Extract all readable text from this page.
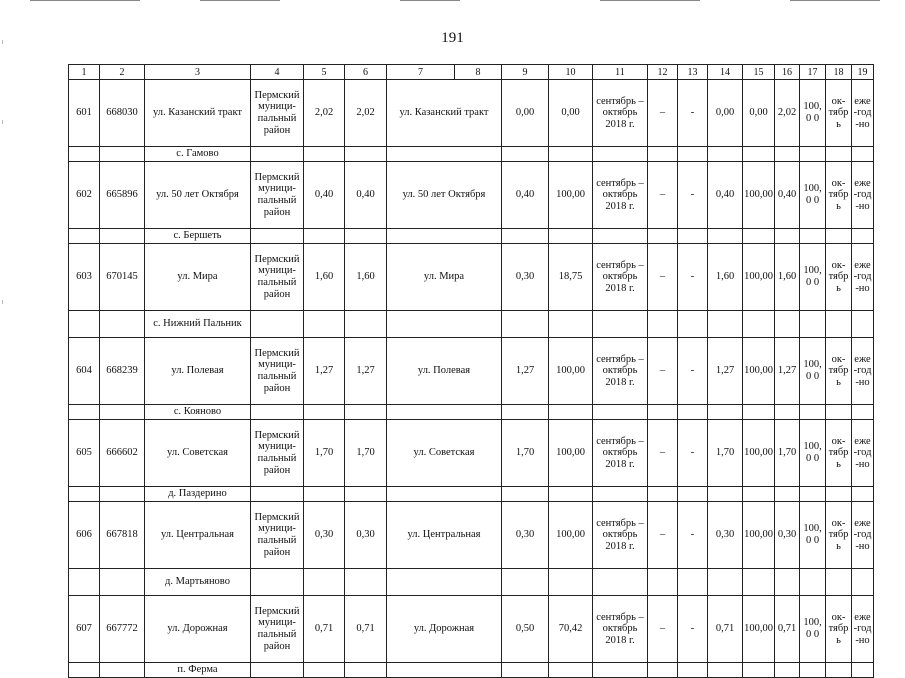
191
1	2	3	4	5	6	7	8	9	10	11	12	13	14	15	16	17	18	19
601	668030	ул. Казанский тракт	Пермский муници-пальный район	2,02	2,02	ул. Казанский тракт		0,00	0,00	сентябрь – октябрь 2018 г.	–	-	0,00	0,00	2,02	100,0 0	ок-тябрь	еже-год-но
		с. Гамово																
602	665896	ул. 50 лет Октября	Пермский муници-пальный район	0,40	0,40	ул. 50 лет Октября		0,40	100,00	сентябрь – октябрь 2018 г.	–	-	0,40	100,00	0,40	100,0 0	ок-тябрь	еже-год-но
		с. Бершеть																
603	670145	ул. Мира	Пермский муници-пальный район	1,60	1,60	ул. Мира		0,30	18,75	сентябрь – октябрь 2018 г.	–	-	1,60	100,00	1,60	100,0 0	ок-тябрь	еже-год-но
		с. Нижний Пальник																
604	668239	ул. Полевая	Пермский муници-пальный район	1,27	1,27	ул. Полевая		1,27	100,00	сентябрь – октябрь 2018 г.	–	-	1,27	100,00	1,27	100,0 0	ок-тябрь	еже-год-но
		с. Кояново																
605	666602	ул. Советская	Пермский муници-пальный район	1,70	1,70	ул. Советская		1,70	100,00	сентябрь – октябрь 2018 г.	–	-	1,70	100,00	1,70	100,0 0	ок-тябрь	еже-год-но
		д. Паздерино																
606	667818	ул. Центральная	Пермский муници-пальный район	0,30	0,30	ул. Центральная		0,30	100,00	сентябрь – октябрь 2018 г.	–	-	0,30	100,00	0,30	100,0 0	ок-тябрь	еже-год-но
		д. Мартьяново																
607	667772	ул. Дорожная	Пермский муници-пальный район	0,71	0,71	ул. Дорожная		0,50	70,42	сентябрь – октябрь 2018 г.	–	-	0,71	100,00	0,71	100,0 0	ок-тябрь	еже-год-но
		п. Ферма																
